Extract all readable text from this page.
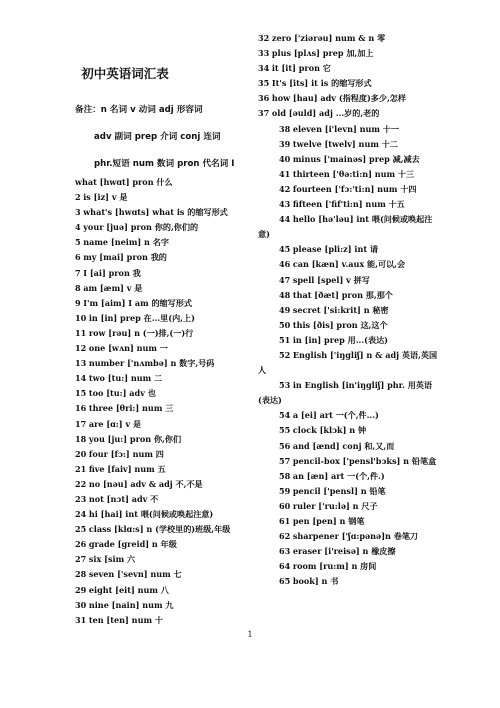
初中英语词汇表
备注：n 名词 v 动词 adj 形容词
adv 副词 prep 介词 conj 连词
phr.短语 num 数词 pron 代名词 I
what [hwɑt] pron 什么
2 is [iz] v 是
3 what's [hwɑts] what is 的缩写形式
4 your [juə] pron 你的,你们的
5 name [neim] n 名字
6 my [mai] pron 我的
7 I [ai] pron 我
8 am [æm] v 是
9 I'm [aim] I am 的缩写形式
10 in [in] prep 在...里(内,上)
11 row [rəu] n (一)排,(一)行
12 one [wʌn] num 一
13 number ['nʌmbə] n 数字,号码
14 two [tu:] num 二
15 too [tu:] adv 也
16 three [θri:] num 三
17 are [ɑ:] v 是
18 you [ju:] pron 你,你们
20 four [fɔ:] num 四
21 five [faiv] num 五
22 no [nəu] adv & adj 不,不是
23 not [nɔt] adv 不
24 hi [hai] int 喂(问候或唤起注意)
25 class [klɑ:s] n (学校里的)班级,年级
26 grade [greid] n 年级
27 six [sim 六
28 seven ['sevn] num 七
29 eight [eit] num 八
30 nine [nain] num 九
31 ten [ten] num 十
32 zero ['ziərəu] num & n 零
33 plus [plʌs] prep 加,加上
34 it [it] pron 它
35 It's [its] it is 的缩写形式
36 how [hau] adv (指程度)多少,怎样
37 old [əuld] adj ...岁的,老的
38 eleven [i'levn] num 十一
39 twelve [twelv] num 十二
40 minus ['mainəs] prep 减,减去
41 thirteen ['θə:ti:n] num 十三
42 fourteen ['fɔ:'ti:n] num 十四
43 fifteen ['fif'ti:n] num 十五
44 hello [hə'ləu] int 喂(问候或唤起注
意)
45 please [pli:z] int 请
46 can [kæn] v.aux 能,可以,会
47 spell [spel] v 拼写
48 that [ðæt] pron 那,那个
49 secret ['si:krit] n 秘密
50 this [ðis] pron 这,这个
51 in [in] prep 用...(表达)
52 English ['iŋgliʃ] n & adj 英语,英国
人
53 in English [in'iŋgliʃ] phr. 用英语
(表达)
54 a [ei] art 一(个,件...)
55 clock [klɔk] n 钟
56 and [ænd] conj 和,又,而
57 pencil-box ['pensl'bɔks] n 铅笔盒
58 an [æn] art 一(个,件.)
59 pencil ['pensl] n 铅笔
60 ruler ['ru:lə] n 尺子
61 pen [pen] n 钢笔
62 sharpener ['ʃɑ:pənə]n 卷笔刀
63 eraser [i'reisə] n 橡皮擦
64 room [ru:m] n 房间
65 book] n 书
1
